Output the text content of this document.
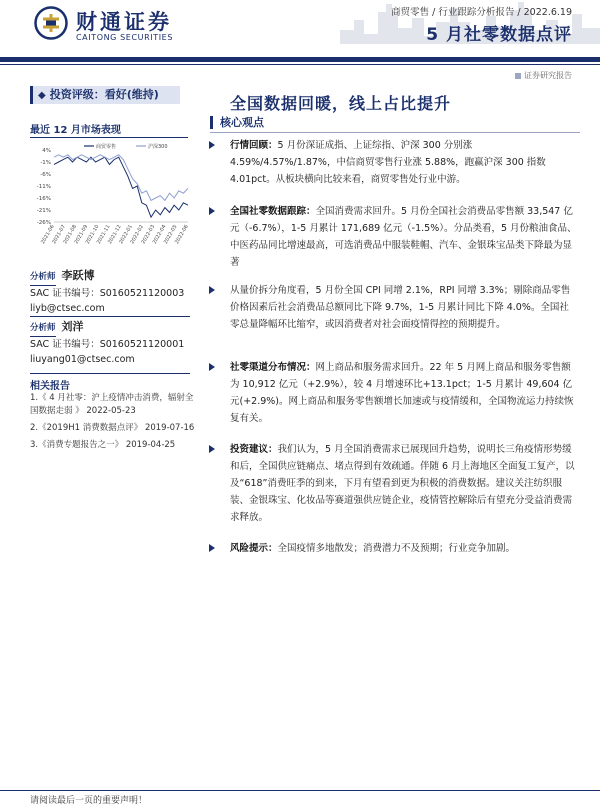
财通证券
CAITONG SECURITIES
商贸零售 / 行业跟踪分析报告 / 2022.6.19
5 月社零数据点评
证券研究报告
◆ 投资评级：看好(维持)
最近 12 月市场表现
4%
-1%
-6%
-11%
-16%
-21%
-26%
2021-06
2021-07
2021-08
2021-09
2021-10
2021-11
2021-12
2022-01
2022-02
2022-03
2022-04
2022-05
2022-06
商贸零售	沪深300
分析师 李跃博
SAC 证书编号：S0160521120003
liyb@ctsec.com
分析师 刘洋
SAC 证书编号：S0160521120001
liuyang01@ctsec.com
相关报告
1.《 4 月社零：沪上疫情冲击消费，辐射全国数据走弱 》 2022-05-23
2.《2019H1 消费数据点评》 2019-07-16
3.《消费专题报告之一》 2019-04-25
全国数据回暖，线上占比提升
核心观点
行情回顾：5 月份深证成指、上证综指、沪深 300 分别涨 4.59%/4.57%/1.87%，中信商贸零售行业涨 5.88%，跑赢沪深 300 指数 4.01pct。从板块横向比较来看，商贸零售处行业中游。
全国社零数据跟踪：全国消费需求回升。5 月份全国社会消费品零售额 33,547 亿元（-6.7%），1-5 月累计 171,689 亿元（-1.5%）。分品类看，5 月份粮油食品、中医药品同比增速最高，可选消费品中服装鞋帽、汽车、金银珠宝品类下降最为显著
从量价拆分角度看，5 月份全国 CPI 同增 2.1%，RPI 同增 3.3%；剔除商品零售价格因素后社会消费品总额同比下降 9.7%，1-5 月累计同比下降 4.0%。全国社零总量降幅环比缩窄，或因消费者对社会面疫情得控的预期提升。
社零渠道分布情况：网上商品和服务需求回升。22 年 5 月网上商品和服务零售额为 10,912 亿元（+2.9%），较 4 月增速环比+13.1pct；1-5 月累计 49,604 亿元(+2.9%)。网上商品和服务零售额增长加速或与疫情缓和，全国物流运力持续恢复有关。
投资建议：我们认为，5 月全国消费需求已展现回升趋势，说明长三角疫情形势缓和后，全国供应链痛点、堵点得到有效疏通。伴随 6 月上海地区全面复工复产，以及“618”消费旺季的到来，下月有望看到更为积极的消费数据。建议关注纺织服装、金银珠宝、化妆品等赛道强供应链企业，疫情管控解除后有望充分受益消费需求释放。
风险提示：全国疫情多地散发；消费潜力不及预期；行业竞争加剧。
请阅读最后一页的重要声明！
